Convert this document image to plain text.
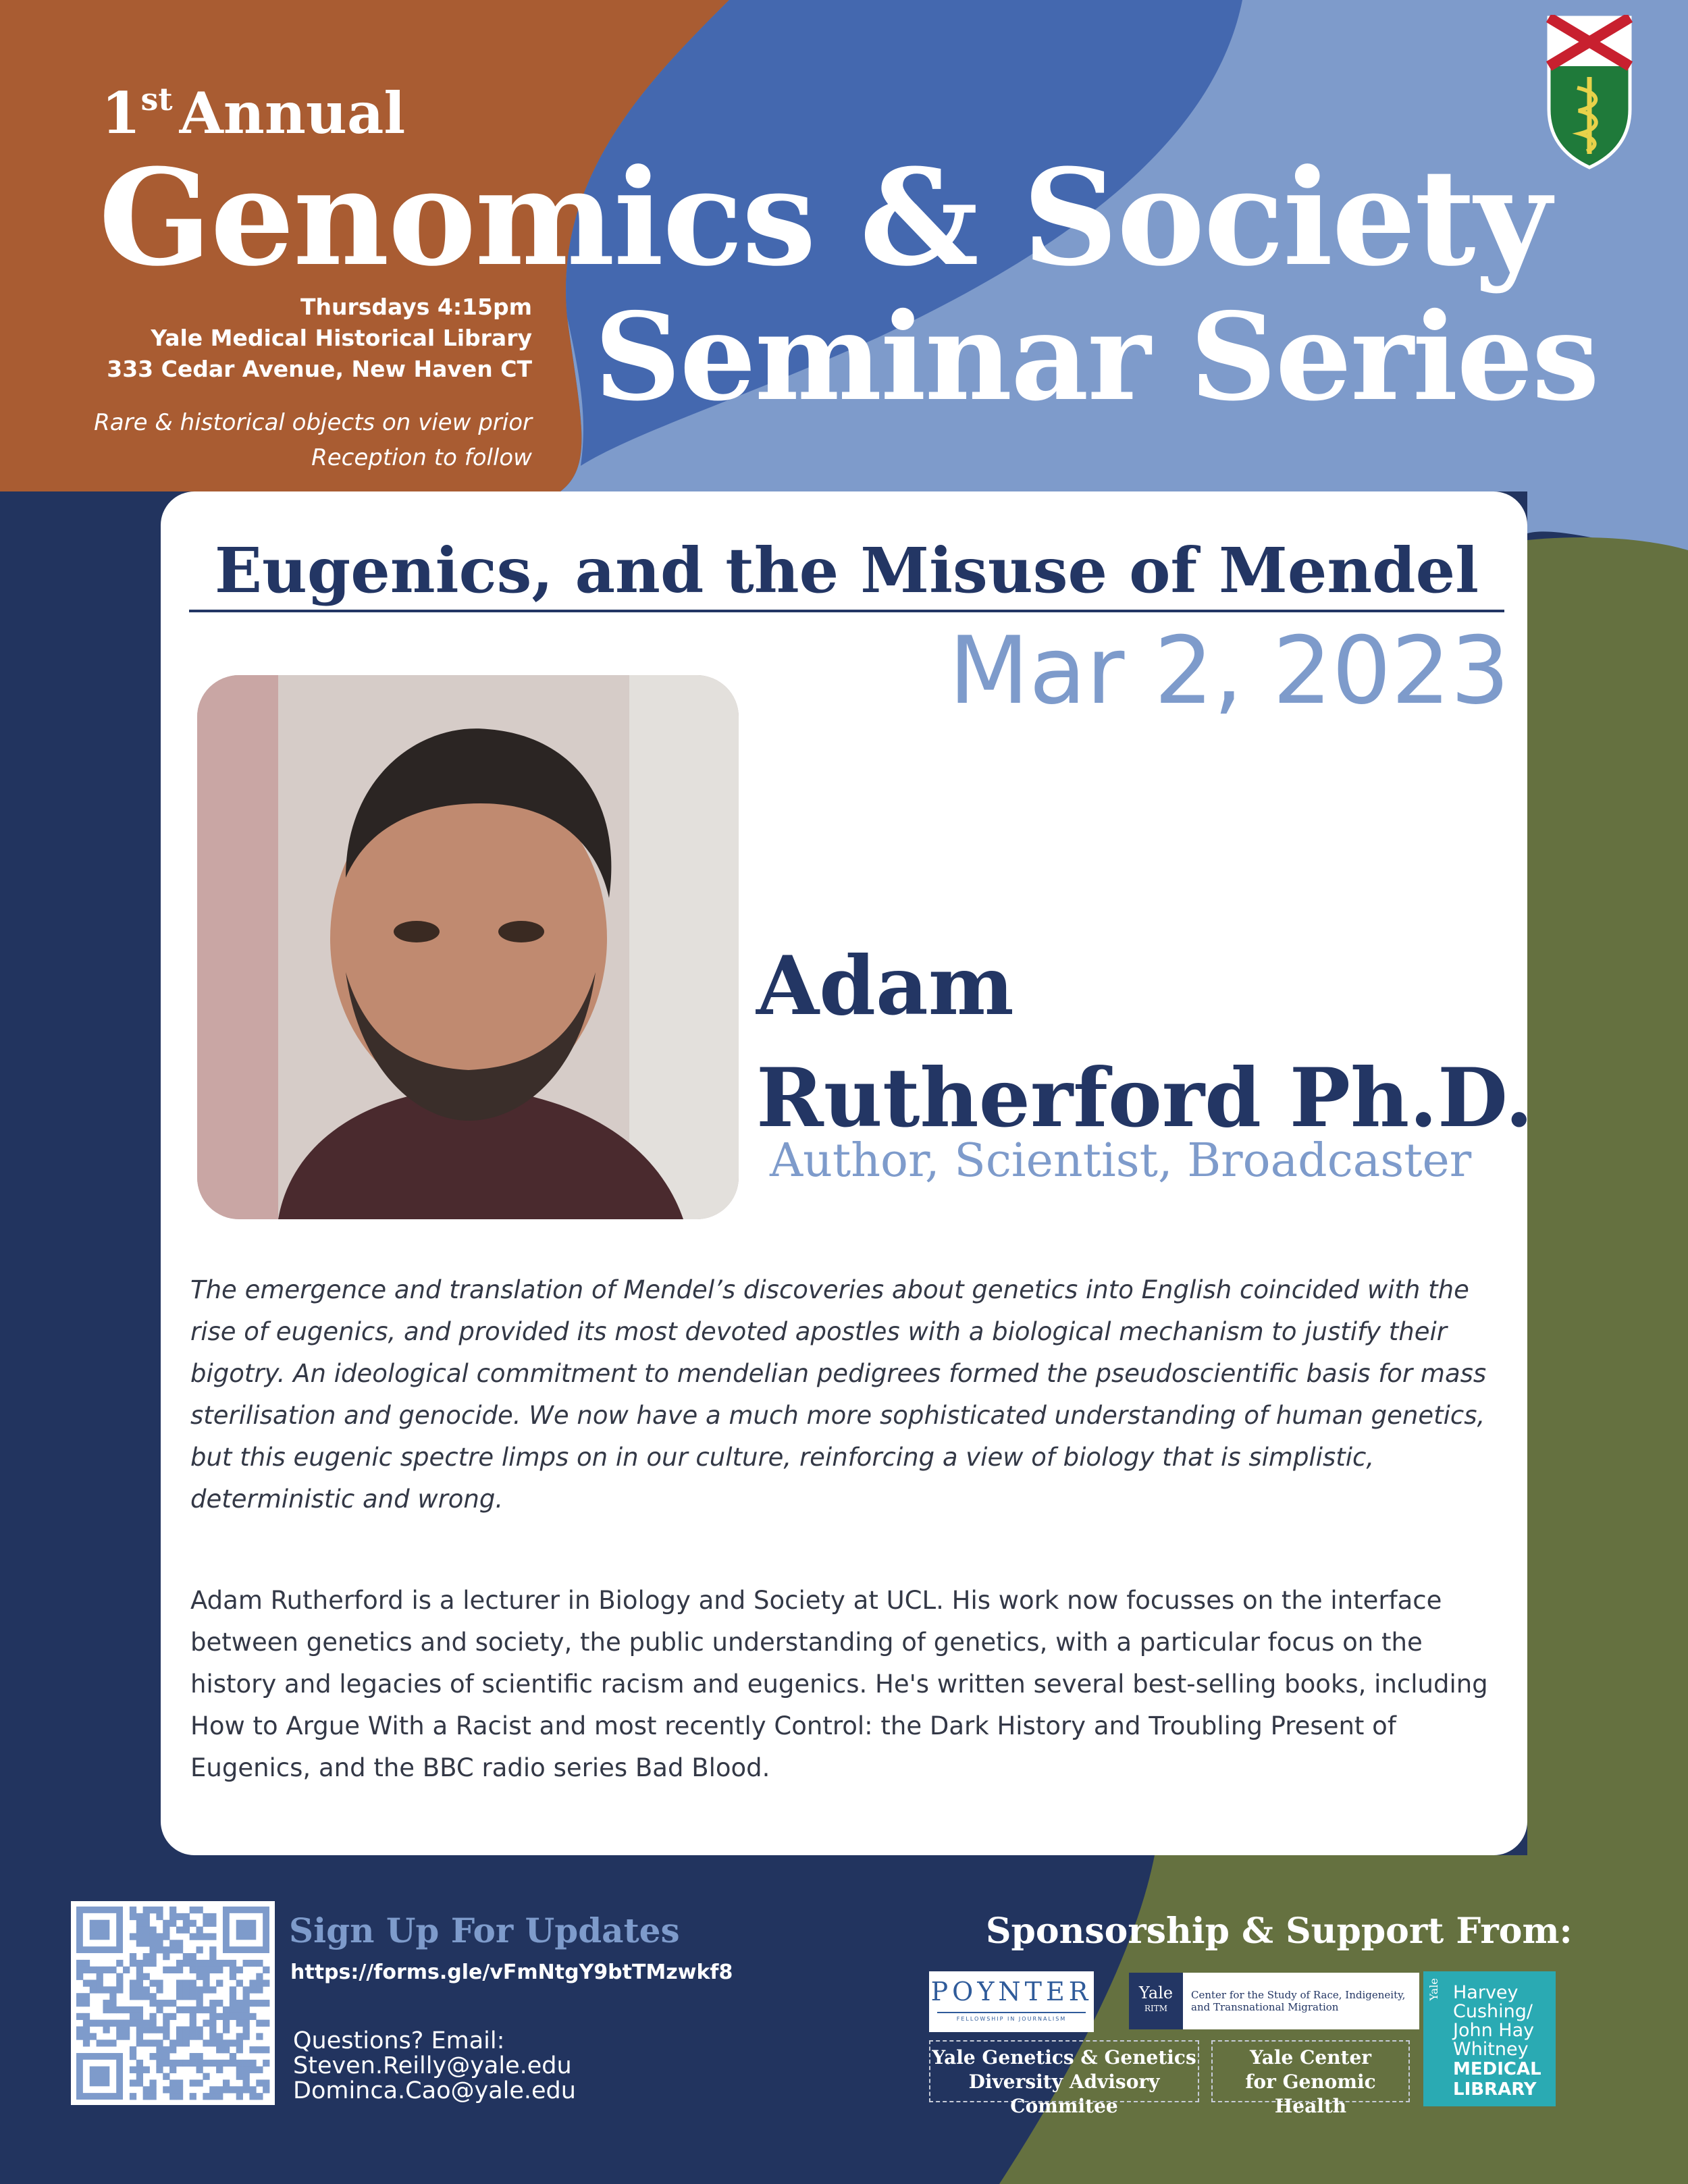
1st Annual
Genomics & Society
Seminar Series
Thursdays 4:15pm
Yale Medical Historical Library
333 Cedar Avenue, New Haven CT
Rare & historical objects on view prior
Reception to follow
Eugenics, and the Misuse of Mendel
Mar 2, 2023
Adam
Rutherford Ph.D.
Author, Scientist, Broadcaster
The emergence and translation of Mendel’s discoveries about genetics into English coincided with the rise of eugenics, and provided its most devoted apostles with a biological mechanism to justify their bigotry. An ideological commitment to mendelian pedigrees formed the pseudoscientific basis for mass sterilisation and genocide. We now have a much more sophisticated understanding of human genetics, but this eugenic spectre limps on in our culture, reinforcing a view of biology that is simplistic, deterministic and wrong.
Adam Rutherford is a lecturer in Biology and Society at UCL. His work now focusses on the interface between genetics and society, the public understanding of genetics, with a particular focus on the history and legacies of scientific racism and eugenics. He's written several best-selling books, including How to Argue With a Racist and most recently Control: the Dark History and Troubling Present of Eugenics, and the BBC radio series Bad Blood.
Sign Up For Updates
https://forms.gle/vFmNtgY9btTMzwkf8
Questions? Email:
Steven.Reilly@yale.edu
Dominca.Cao@yale.edu
Sponsorship & Support From:
POYNTER
FELLOWSHIP IN JOURNALISM
Yale
RITM
Center for the Study of Race, Indigeneity,
and Transnational Migration
Yale Genetics & Genetics
Diversity Advisory Commitee
Yale Center
for Genomic Health
Yale Harvey
Cushing/
John Hay
Whitney
MEDICAL
LIBRARY
